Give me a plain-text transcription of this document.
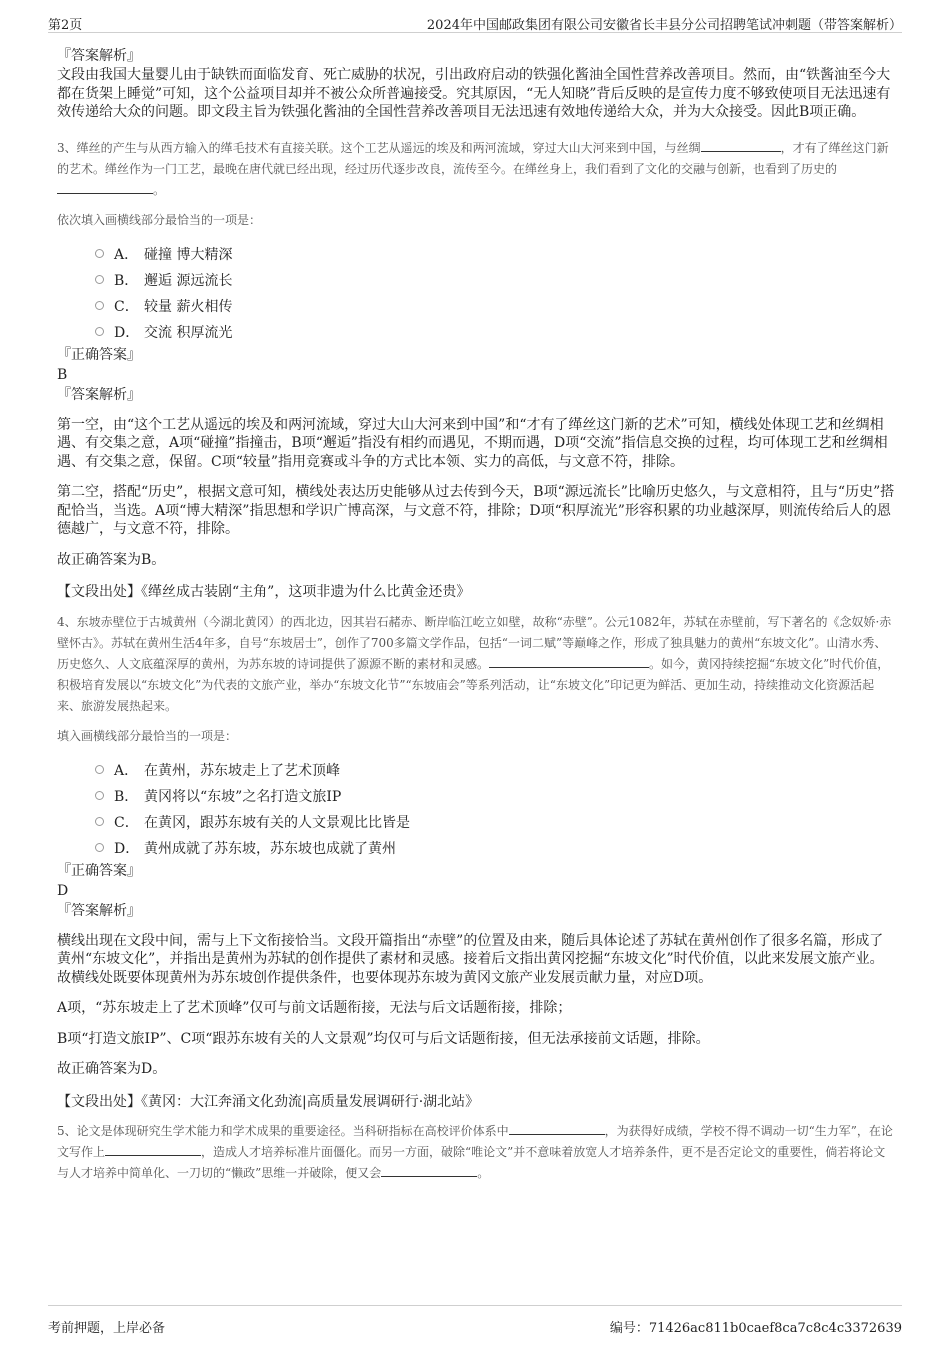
第2页	2024年中国邮政集团有限公司安徽省长丰县分公司招聘笔试冲刺题（带答案解析）

『答案解析』

文段由我国大量婴儿由于缺铁而面临发育、死亡威胁的状况，引出政府启动的铁强化酱油全国性营养改善项目。然而，由“铁酱油至今大都在货架上睡觉”可知，这个公益项目却并不被公众所普遍接受。究其原因，“无人知晓”背后反映的是宣传力度不够致使项目无法迅速有效传递给大众的问题。即文段主旨为铁强化酱油的全国性营养改善项目无法迅速有效地传递给大众，并为大众接受。因此B项正确。

3、缂丝的产生与从西方输入的缂毛技术有直接关联。这个工艺从遥远的埃及和两河流域，穿过大山大河来到中国，与丝绸	，才有了缂丝这门新的艺术。缂丝作为一门工艺，最晚在唐代就已经出现，经过历代逐步改良，流传至今。在缂丝身上，我们看到了文化的交融与创新，也看到了历史的。

依次填入画横线部分最恰当的一项是：

A． 碰撞 博大精深
B． 邂逅 源远流长
C． 较量 薪火相传
D． 交流 积厚流光

『正确答案』

B

『答案解析』

第一空，由“这个工艺从遥远的埃及和两河流域，穿过大山大河来到中国”和“才有了缂丝这门新的艺术”可知，横线处体现工艺和丝绸相遇、有交集之意，A项“碰撞”指撞击，B项“邂逅”指没有相约而遇见，不期而遇，D项“交流”指信息交换的过程，均可体现工艺和丝绸相遇、有交集之意，保留。C项“较量”指用竞赛或斗争的方式比本领、实力的高低，与文意不符，排除。

第二空，搭配“历史”，根据文意可知，横线处表达历史能够从过去传到今天，B项“源远流长”比喻历史悠久，与文意相符，且与“历史”搭配恰当，当选。A项“博大精深”指思想和学识广博高深，与文意不符，排除；D项“积厚流光”形容积累的功业越深厚，则流传给后人的恩德越广，与文意不符，排除。

故正确答案为B。

【文段出处】《缂丝成古装剧“主角”，这项非遗为什么比黄金还贵》

4、东坡赤壁位于古城黄州（今湖北黄冈）的西北边，因其岩石赭赤、断岸临江屹立如壁，故称“赤壁”。公元1082年，苏轼在赤壁前，写下著名的《念奴娇·赤壁怀古》。苏轼在黄州生活4年多，自号“东坡居士”，创作了700多篇文学作品，包括“一词二赋”等巅峰之作，形成了独具魅力的黄州“东坡文化”。山清水秀、历史悠久、人文底蕴深厚的黄州，为苏东坡的诗词提供了源源不断的素材和灵感。	。如今，黄冈持续挖掘“东坡文化”时代价值，积极培育发展以“东坡文化”为代表的文旅产业，举办“东坡文化节”“东坡庙会”等系列活动，让“东坡文化”印记更为鲜活、更加生动，持续推动文化资源活起来、旅游发展热起来。

填入画横线部分最恰当的一项是：

A． 在黄州，苏东坡走上了艺术顶峰
B． 黄冈将以“东坡”之名打造文旅IP
C． 在黄冈，跟苏东坡有关的人文景观比比皆是
D． 黄州成就了苏东坡，苏东坡也成就了黄州

『正确答案』

D

『答案解析』

横线出现在文段中间，需与上下文衔接恰当。文段开篇指出“赤壁”的位置及由来，随后具体论述了苏轼在黄州创作了很多名篇，形成了黄州“东坡文化”，并指出是黄州为苏轼的创作提供了素材和灵感。接着后文指出黄冈挖掘“东坡文化”时代价值，以此来发展文旅产业。故横线处既要体现黄州为苏东坡创作提供条件，也要体现苏东坡为黄冈文旅产业发展贡献力量，对应D项。

A项，“苏东坡走上了艺术顶峰”仅可与前文话题衔接，无法与后文话题衔接，排除；

B项“打造文旅IP”、C项“跟苏东坡有关的人文景观”均仅可与后文话题衔接，但无法承接前文话题，排除。

故正确答案为D。

【文段出处】《黄冈：大江奔涌文化劲流|高质量发展调研行·湖北站》

5、论文是体现研究生学术能力和学术成果的重要途径。当科研指标在高校评价体系中	，为获得好成绩，学校不得不调动一切“生力军”，在论文写作上	，造成人才培养标准片面僵化。而另一方面，破除“唯论文”并不意味着放宽人才培养条件，更不是否定论文的重要性，倘若将论文与人才培养中简单化、一刀切的“懒政”思维一并破除，便又会	。

考前押题，上岸必备	编号：71426ac811b0caef8ca7c8c4c3372639
